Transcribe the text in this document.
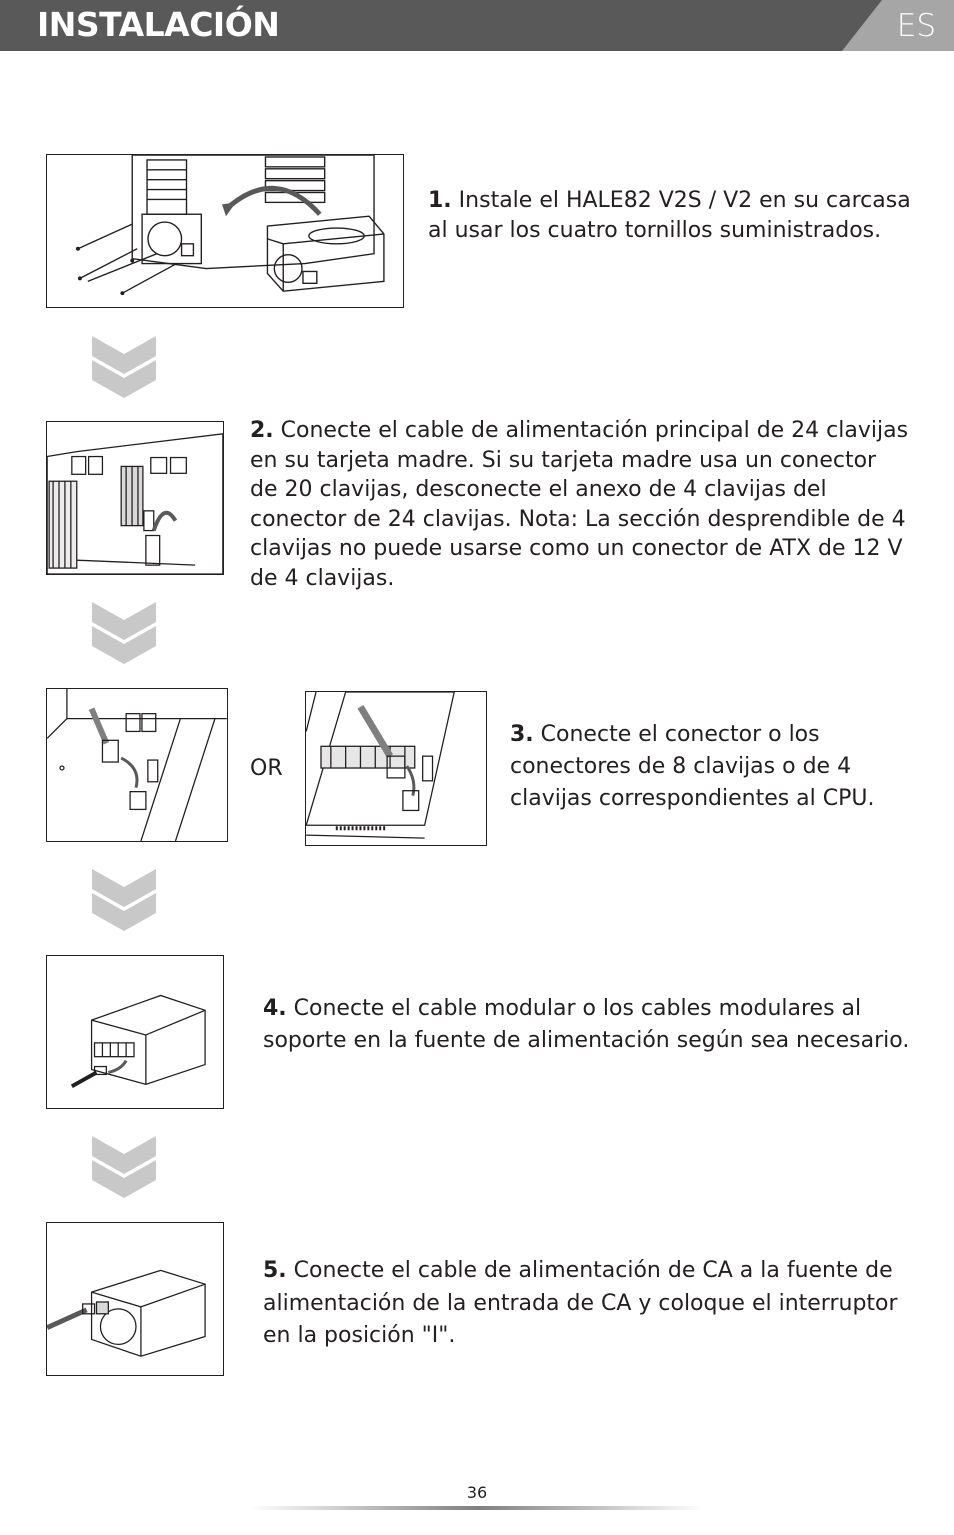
INSTALACIÓN	ES

1. Instale el HALE82 V2S / V2 en su carcasa al usar los cuatro tornillos suministrados.

2. Conecte el cable de alimentación principal de 24 clavijas en su tarjeta madre. Si su tarjeta madre usa un conector de 20 clavijas, desconecte el anexo de 4 clavijas del conector de 24 clavijas. Nota: La sección desprendible de 4 clavijas no puede usarse como un conector de ATX de 12 V de 4 clavijas.

OR

3. Conecte el conector o los conectores de 8 clavijas o de 4 clavijas correspondientes al CPU.

4. Conecte el cable modular o los cables modulares al soporte en la fuente de alimentación según sea necesario.

5. Conecte el cable de alimentación de CA a la fuente de alimentación de la entrada de CA y coloque el interruptor en la posición "I".

36
